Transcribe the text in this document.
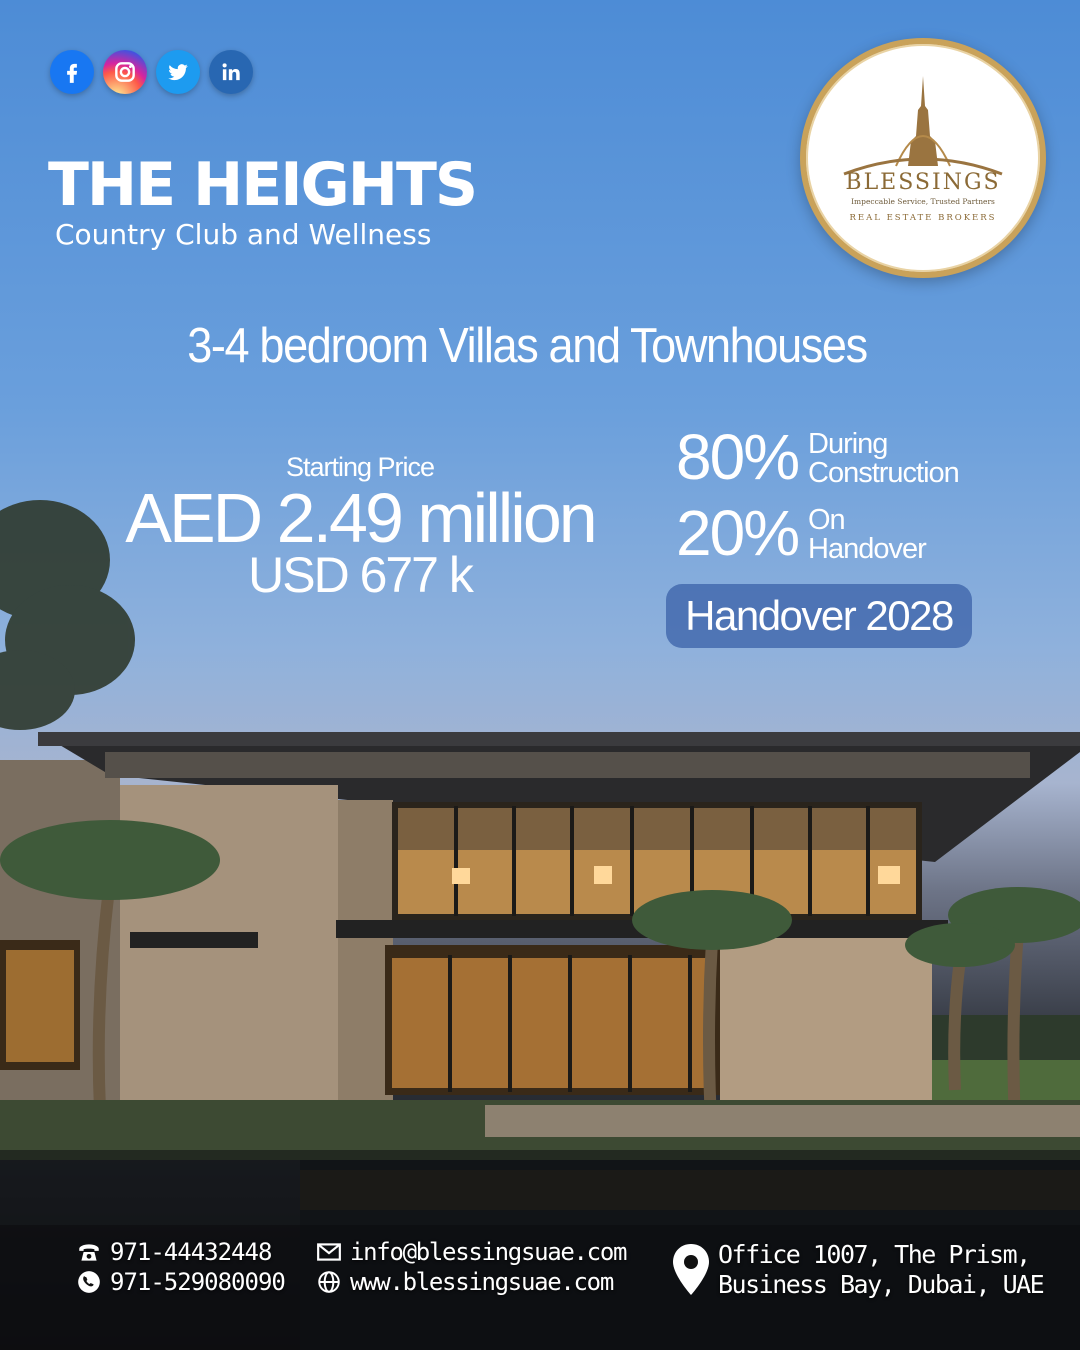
THE HEIGHTS
Country Club and Wellness
BLESSINGS
Impeccable Service, Trusted Partners
REAL ESTATE BROKERS
3-4 bedroom Villas and Townhouses
Starting Price
AED 2.49 million
USD 677 k
80% During
Construction
20% On
Handover
Handover 2028
971-44432448
971-529080090
info@blessingsuae.com
www.blessingsuae.com
Office 1007, The Prism,
Business Bay, Dubai, UAE
